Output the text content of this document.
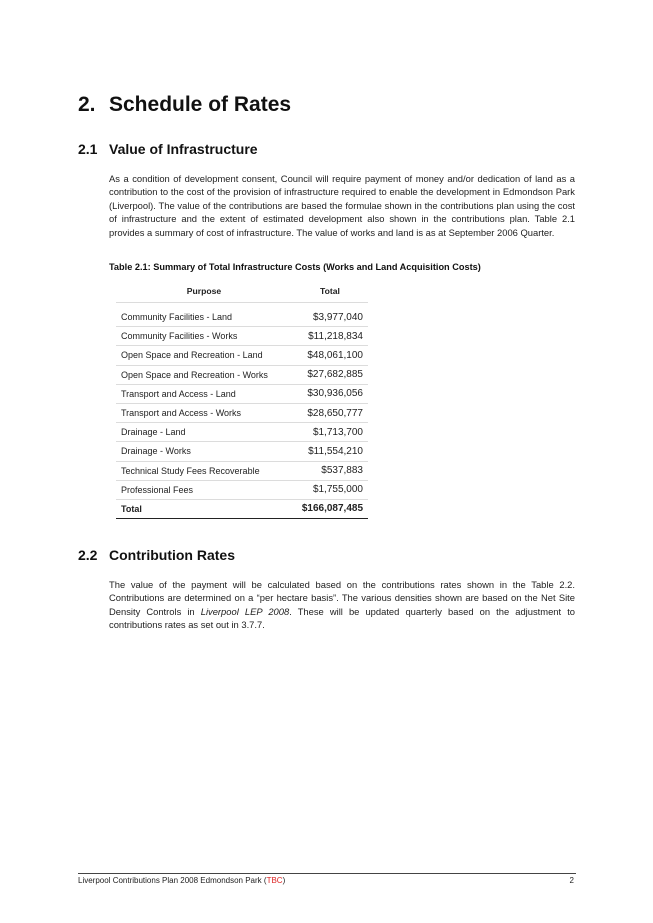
2. Schedule of Rates
2.1 Value of Infrastructure

As a condition of development consent, Council will require payment of money and/or dedication of land as a contribution to the cost of the provision of infrastructure required to enable the development in Edmondson Park (Liverpool). The value of the contributions are based the formulae shown in the contributions plan using the cost of infrastructure and the extent of estimated development also shown in the contributions plan. Table 2.1 provides a summary of cost of infrastructure. The value of works and land is as at September 2006 Quarter.

Table 2.1: Summary of Total Infrastructure Costs (Works and Land Acquisition Costs)
Purpose	Total

Community Facilities - Land	$3,977,040
Community Facilities - Works	$11,218,834
Open Space and Recreation - Land	$48,061,100
Open Space and Recreation - Works	$27,682,885
Transport and Access - Land	$30,936,056
Transport and Access - Works	$28,650,777
Drainage - Land	$1,713,700
Drainage - Works	$11,554,210
Technical Study Fees Recoverable	$537,883
Professional Fees	$1,755,000
Total	$166,087,485
2.2 Contribution Rates

The value of the payment will be calculated based on the contributions rates shown in the Table 2.2. Contributions are determined on a “per hectare basis”. The various densities shown are based on the Net Site Density Controls in Liverpool LEP 2008. These will be updated quarterly based on the adjustment to contributions rates as set out in 3.7.7.

Liverpool Contributions Plan 2008 Edmondson Park (TBC)	2
